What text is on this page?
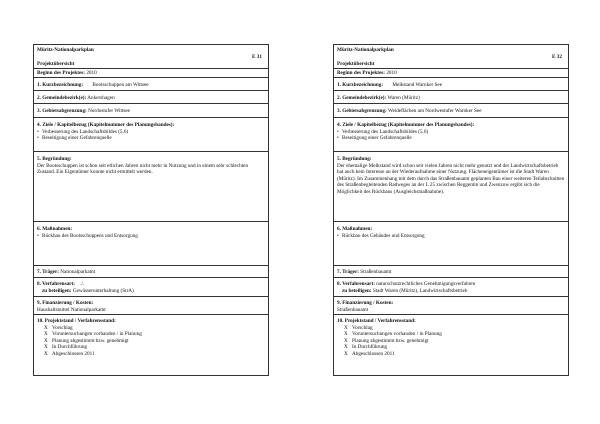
Müritz-Nationalparkplan
E 31
Projektübersicht
Beginn des Projektes: 2010
1. Kurzbezeichnung: Bootsschuppen am Wittsee
2. Gemeindebezirk(e): Ankershagen
3. Gebietsabgrenzung: Nordostufer Wittsee
4. Ziele / Kapitelbezug (Kapitelnummer des Planungsbandes):
• Verbesserung des Landschaftsbildes (5.6)
• Beseitigung einer Gefahrenquelle
5. Begründung:
Der Bootsschuppen ist schon seit etlichen Jahren nicht mehr in Nutzung und in einem sehr schlechten Zustand. Ein Eigentümer konnte nicht ermittelt werden.
6. Maßnahmen:
• Rückbau des Bootsschuppens und Entsorgung
7. Träger: Nationalparkamt
8. Verfahrensart: ./.
zu beteiligen: Gewässerunterhaltung (StrA)
9. Finanzierung / Kosten:
Haushaltsmittel Nationalparkamt
10. Projektstand / Verfahrensstand:
X Vorschlag
X Voruntersuchungen vorhanden / in Planung
X Planung abgestimmt bzw. genehmigt
X In Durchführung
X Abgeschlossen 2011
Müritz-Nationalparkplan
E 32
Projektübersicht
Beginn des Projektes: 2010
1. Kurzbezeichnung: Melkstand Warnker See
2. Gemeindebezirk(e): Waren (Müritz)
3. Gebietsabgrenzung: Weideflächen am Nordwestufer Warnker See
4. Ziele / Kapitelbezug (Kapitelnummer des Planungsbandes):
• Verbesserung des Landschaftsbildes (5.6)
• Beseitigung einer Gefahrenquelle
5. Begründung:
Der ehemalige Melkstand wird schon seit vielen Jahren nicht mehr genutzt und der Landwirtschaftsbetrieb hat auch kein Interesse an der Wiederaufnahme einer Nutzung. Flächeneigentümer ist die Stadt Waren (Müritz). Im Zusammenhang mit dem durch das Straßenbauamt geplanten Bau einer weiteren Teilabschnitten des Straßenbegleitenden Radweges an der L 25 zwischen Reggentin und Zwenzow ergibt sich die Möglichkeit des Rückbaus (Ausgleichsmaßnahme).
6. Maßnahmen:
• Rückbau des Gebäudes und Entsorgung
7. Träger: Straßenbauamt
8. Verfahrensart: naturschutzrechtliches Genehmigungsverfahren
zu beteiligen: Stadt Waren (Müritz), Landwirtschaftsbetrieb
9. Finanzierung / Kosten:
Straßenbauamt
10. Projektstand / Verfahrensstand:
X Vorschlag
X Voruntersuchungen vorhanden / in Planung
X Planung abgestimmt bzw. genehmigt
X In Durchführung
X Abgeschlossen 2011
